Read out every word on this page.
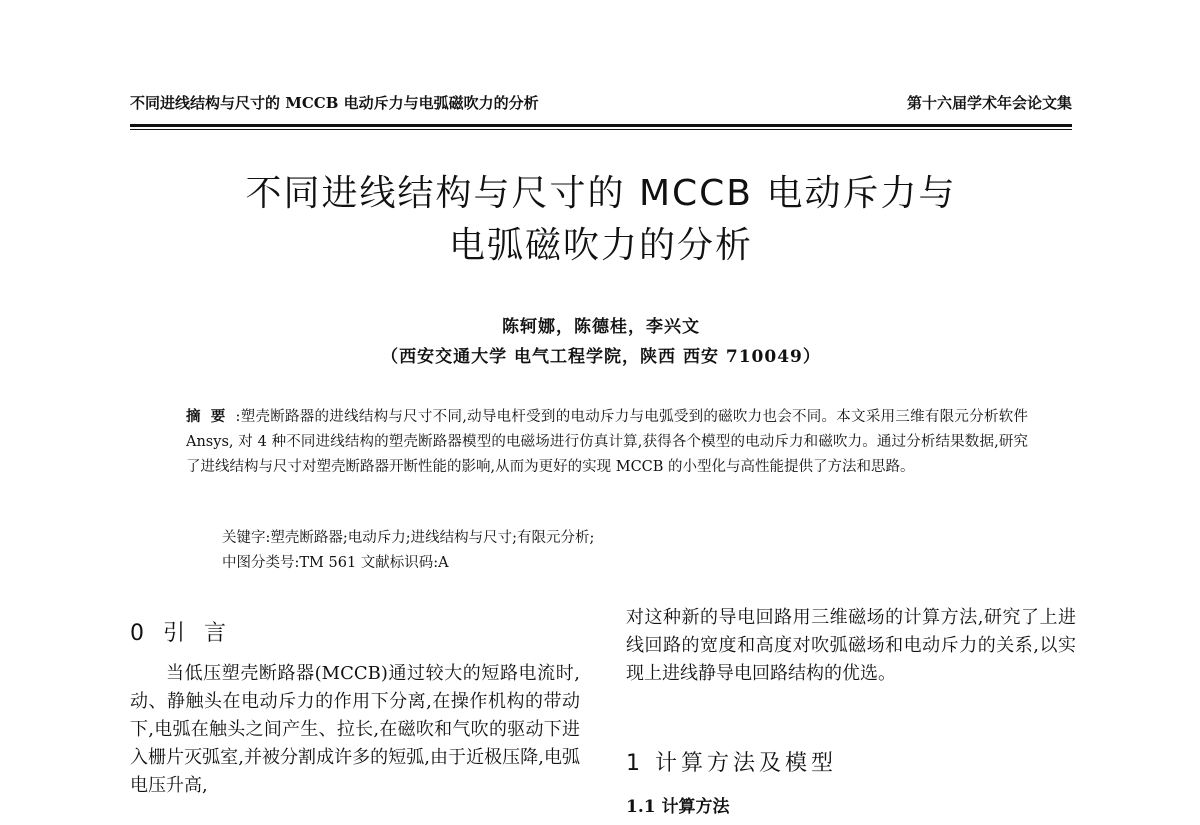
不同进线结构与尺寸的 MCCB 电动斥力与电弧磁吹力的分析	第十六届学术年会论文集
不同进线结构与尺寸的 MCCB 电动斥力与
电弧磁吹力的分析
陈轲娜，陈德桂，李兴文
（西安交通大学 电气工程学院，陕西 西安 710049）
摘要:塑壳断路器的进线结构与尺寸不同,动导电杆受到的电动斥力与电弧受到的磁吹力也会不同。本文采用三维有限元分析软件 Ansys, 对 4 种不同进线结构的塑壳断路器模型的电磁场进行仿真计算,获得各个模型的电动斥力和磁吹力。通过分析结果数据,研究了进线结构与尺寸对塑壳断路器开断性能的影响,从而为更好的实现 MCCB 的小型化与高性能提供了方法和思路。
关键字:塑壳断路器;电动斥力;进线结构与尺寸;有限元分析;
中图分类号:TM 561 文献标识码:A
0 引 言

当低压塑壳断路器(MCCB)通过较大的短路电流时,动、静触头在电动斥力的作用下分离,在操作机构的带动下,电弧在触头之间产生、拉长,在磁吹和气吹的驱动下进入栅片灭弧室,并被分割成许多的短弧,由于近极压降,电弧电压升高,

对这种新的导电回路用三维磁场的计算方法,研究了上进线回路的宽度和高度对吹弧磁场和电动斥力的关系,以实现上进线静导电回路结构的优选。

1 计算方法及模型
1.1 计算方法
